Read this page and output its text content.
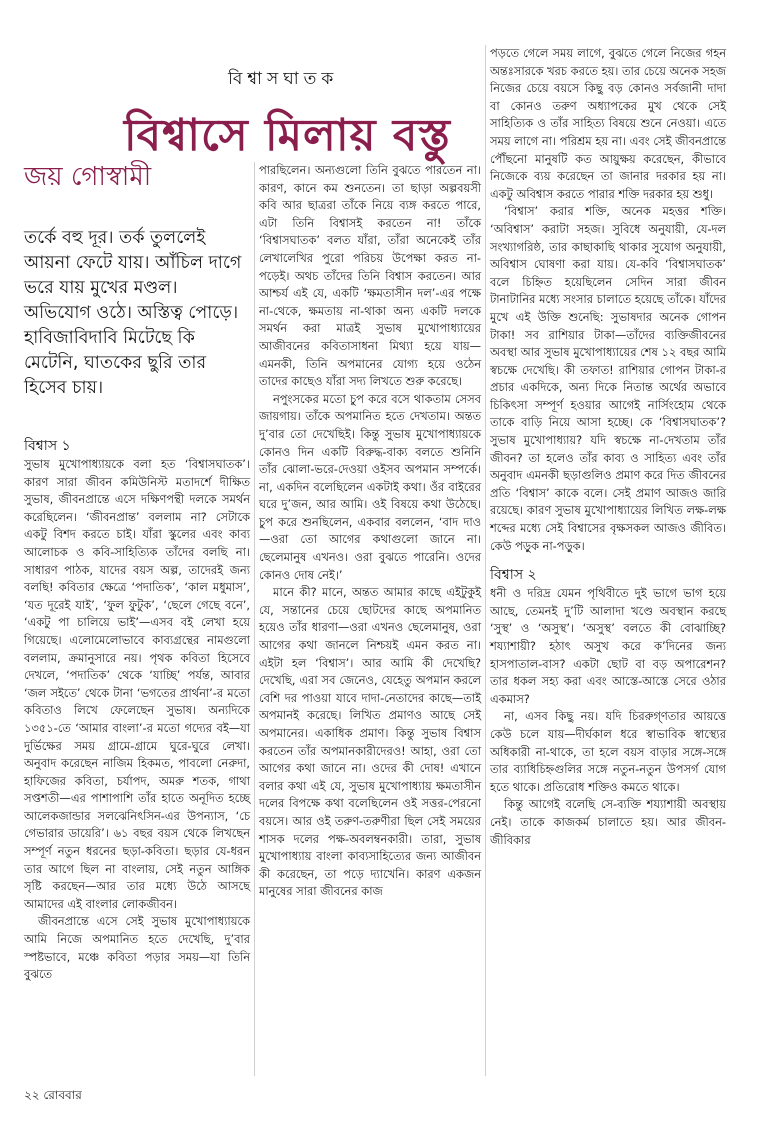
বিশ্বাসঘাতক
বিশ্বাসে মিলায় বস্তু
জয় গোস্বামী
তর্কে বহু দূর। তর্ক তুললেই আয়না ফেটে যায়। আঁচিল দাগে ভরে যায় মুখের মণ্ডল। অভিযোগ ওঠে। অস্তিত্ব পোড়ে। হাবিজাবিদাবি মিটেছে কি মেটেনি, ঘাতকের ছুরি তার হিসেব চায়।
বিশ্বাস ১

সুভাষ মুখোপাধ্যায়কে বলা হত ‘বিশ্বাসঘাতক’। কারণ সারা জীবন কমিউনিস্ট মতাদর্শে দীক্ষিত সুভাষ, জীবনপ্রান্তে এসে দক্ষিণপন্থী দলকে সমর্থন করেছিলেন। ‘জীবনপ্রান্ত’ বললাম না? সেটাকে একটু বিশদ করতে চাই। যাঁরা স্কুলের এবং কাব্য আলোচক ও কবি-সাহিত্যিক তাঁদের বলছি না। সাধারণ পাঠক, যাদের বয়স অল্প, তাদেরই জন্য বলছি! কবিতার ক্ষেত্রে ‘পদাতিক’, ‘কাল মধুমাস’, ‘যত দূরেই যাই’, ‘ফুল ফুটুক’, ‘ছেলে গেছে বনে’, ‘একটু পা চালিয়ে ভাই’—এসব বই লেখা হয়ে গিয়েছে। এলোমেলোভাবে কাব্যগ্রন্থের নামগুলো বললাম, ক্রমানুসারে নয়। পৃথক কবিতা হিসেবে দেখলে, ‘পদাতিক’ থেকে ‘যাচ্ছি’ পর্যন্ত, আবার ‘জল সইতে’ থেকে টানা ‘ভগতের প্রার্থনা’-র মতো কবিতাও লিখে ফেলেছেন সুভাষ। অন্যদিকে ১৩৫১-তে ‘আমার বাংলা’-র মতো গদ্যের বই—যা দুর্ভিক্ষের সময় গ্রামে-গ্রামে ঘুরে-ঘুরে লেখা। অনুবাদ করেছেন নাজিম হিকমত, পাবলো নেরুদা, হাফিজের কবিতা, চর্যাপদ, অমরু শতক, গাথা সপ্তশতী—এর পাশাপাশি তাঁর হাতে অনূদিত হচ্ছে আলেকজান্ডার সলঝেনিৎসিন-এর উপন্যাস, ‘চে গেভারার ডায়েরি’। ৬১ বছর বয়স থেকে লিখছেন সম্পূর্ণ নতুন ধরনের ছড়া-কবিতা। ছড়ার যে-ধরন তার আগে ছিল না বাংলায়, সেই নতুন আঙ্গিক সৃষ্টি করছেন—আর তার মধ্যে উঠে আসছে আমাদের এই বাংলার লোকজীবন।

জীবনপ্রান্তে এসে সেই সুভাষ মুখোপাধ্যায়কে আমি নিজে অপমানিত হতে দেখেছি, দু’বার স্পষ্টভাবে, মঞ্চে কবিতা পড়ার সময়—যা তিনি বুঝতে

পারছিলেন। অন্যগুলো তিনি বুঝতে পারতেন না। কারণ, কানে কম শুনতেন। তা ছাড়া অল্পবয়সী কবি আর ছাত্ররা তাঁকে নিয়ে ব্যঙ্গ করতে পারে, এটা তিনি বিশ্বাসই করতেন না! তাঁকে ‘বিশ্বাসঘাতক’ বলত যাঁরা, তাঁরা অনেকেই তাঁর লেখালেখির পুরো পরিচয় উপেক্ষা করত না-পড়েই। অথচ তাঁদের তিনি বিশ্বাস করতেন। আর আশ্চর্য এই যে, একটি ‘ক্ষমতাসীন দল’-এর পক্ষে না-থেকে, ক্ষমতায় না-থাকা অন্য একটি দলকে সমর্থন করা মাত্রই সুভাষ মুখোপাধ্যায়ের আজীবনের কবিতাসাধনা মিথ্যা হয়ে যায়—এমনকী, তিনি অপমানের যোগ্য হয়ে ওঠেন তাদের কাছেও যাঁরা সদ্য লিখতে শুরু করেছে।

নপুংসকের মতো চুপ করে বসে থাকতাম সেসব জায়গায়। তাঁকে অপমানিত হতে দেখতাম। অন্তত দু’বার তো দেখেছিই। কিন্তু সুভাষ মুখোপাধ্যায়কে কোনও দিন একটি বিরুদ্ধ-বাক্য বলতে শুনিনি তাঁর ঝোলা-ভরে-দেওয়া ওইসব অপমান সম্পর্কে। না, একদিন বলেছিলেন একটাই কথা। ওঁর বাইরের ঘরে দু’জন, আর আমি। ওই বিষয়ে কথা উঠেছে। চুপ করে শুনছিলেন, একবার বললেন, ‘বাদ দাও—ওরা তো আগের কথাগুলো জানে না। ছেলেমানুষ এখনও। ওরা বুঝতে পারেনি। ওদের কোনও দোষ নেই।’

মানে কী? মানে, অন্তত আমার কাছে এইটুকুই যে, সন্তানের চেয়ে ছোটদের কাছে অপমানিত হয়েও তাঁর ধারণা—ওরা এখনও ছেলেমানুষ, ওরা আগের কথা জানলে নিশ্চয়ই এমন করত না। এইটা হল ‘বিশ্বাস’। আর আমি কী দেখেছি? দেখেছি, এরা সব জেনেও, যেহেতু অপমান করলে বেশি দর পাওয়া যাবে দাদা-নেতাদের কাছে—তাই অপমানই করেছে। লিখিত প্রমাণও আছে সেই অপমানের। একাধিক প্রমাণ। কিন্তু সুভাষ বিশ্বাস করতেন তাঁর অপমানকারীদেরও! আহা, ওরা তো আগের কথা জানে না। ওদের কী দোষ! এখানে বলার কথা এই যে, সুভাষ মুখোপাধ্যায় ক্ষমতাসীন দলের বিপক্ষে কথা বলেছিলেন ওই সত্তর-পেরনো বয়সে। আর ওই তরুণ-তরুণীরা ছিল সেই সময়ের শাসক দলের পক্ষ-অবলম্বনকারী। তারা, সুভাষ মুখোপাধ্যায় বাংলা কাব্যসাহিত্যের জন্য আজীবন কী করেছেন, তা পড়ে দ্যাখেনি। কারণ একজন মানুষের সারা জীবনের কাজ

পড়তে গেলে সময় লাগে, বুঝতে গেলে নিজের গহন অন্তঃসারকে খরচ করতে হয়। তার চেয়ে অনেক সহজ নিজের চেয়ে বয়সে কিছু বড় কোনও সর্বজানী দাদা বা কোনও তরুণ অধ্যাপকের মুখ থেকে সেই সাহিত্যিক ও তাঁর সাহিত্য বিষয়ে শুনে নেওয়া। এতে সময় লাগে না। পরিশ্রম হয় না। এবং সেই জীবনপ্রান্তে পৌঁছনো মানুষটি কত আয়ুক্ষয় করেছেন, কীভাবে নিজেকে ব্যয় করেছেন তা জানার দরকার হয় না। একটু অবিশ্বাস করতে পারার শক্তি দরকার হয় শুধু।

‘বিশ্বাস’ করার শক্তি, অনেক মহত্তর শক্তি। ‘অবিশ্বাস’ করাটা সহজ। সুবিধে অনুযায়ী, যে-দল সংখ্যাগরিষ্ঠ, তার কাছাকাছি থাকার সুযোগ অনুযায়ী, অবিশ্বাস ঘোষণা করা যায়। যে-কবি ‘বিশ্বাসঘাতক’ বলে চিহ্নিত হয়েছিলেন সেদিন সারা জীবন টানাটানির মধ্যে সংসার চালাতে হয়েছে তাঁকে। যাঁদের মুখে এই উক্তি শুনেছি: সুভাষদার অনেক গোপন টাকা! সব রাশিয়ার টাকা—তাঁদের ব্যক্তিজীবনের অবস্থা আর সুভাষ মুখোপাধ্যায়ের শেষ ১২ বছর আমি স্বচক্ষে দেখেছি। কী তফাত! রাশিয়ার গোপন টাকা-র প্রচার একদিকে, অন্য দিকে নিতান্ত অর্থের অভাবে চিকিৎসা সম্পূর্ণ হওয়ার আগেই নার্সিংহোম থেকে তাকে বাড়ি নিয়ে আসা হচ্ছে। কে ‘বিশ্বাসঘাতক’? সুভাষ মুখোপাধ্যায়? যদি স্বচক্ষে না-দেখতাম তাঁর জীবন? তা হলেও তাঁর কাব্য ও সাহিত্য এবং তাঁর অনুবাদ এমনকী ছড়াগুলিও প্রমাণ করে দিত জীবনের প্রতি ‘বিশ্বাস’ কাকে বলে। সেই প্রমাণ আজও জারি রয়েছে। কারণ সুভাষ মুখোপাধ্যায়ের লিখিত লক্ষ-লক্ষ শব্দের মধ্যে সেই বিশ্বাসের বৃক্ষসকল আজও জীবিত। কেউ পড়ুক না-পড়ুক।

বিশ্বাস ২

ধনী ও দরিদ্র যেমন পৃথিবীতে দুই ভাগে ভাগ হয়ে আছে, তেমনই দু’টি আলাদা খণ্ডে অবস্থান করছে ‘সুস্থ’ ও ‘অসুস্থ’। ‘অসুস্থ’ বলতে কী বোঝাচ্ছি? শয্যাশায়ী? হঠাৎ অসুখ করে ক’দিনের জন্য হাসপাতাল-বাস? একটা ছোট বা বড় অপারেশন? তার ধকল সহ্য করা এবং আস্তে-আস্তে সেরে ওঠার একমাস?

না, এসব কিছু নয়। যদি চিররুগ্‌ণতার আয়ত্তে কেউ চলে যায়—দীর্ঘকাল ধরে স্বাভাবিক স্বাস্থ্যের অধিকারী না-থাকে, তা হলে বয়স বাড়ার সঙ্গে-সঙ্গে তার ব্যাধিচিহ্নগুলির সঙ্গে নতুন-নতুন উপসর্গ যোগ হতে থাকে। প্রতিরোধ শক্তিও কমতে থাকে।

কিন্তু আগেই বলেছি সে-ব্যক্তি শয্যাশায়ী অবস্থায় নেই। তাকে কাজকর্ম চালাতে হয়। আর জীবন-জীবিকার

২২ রোববার
